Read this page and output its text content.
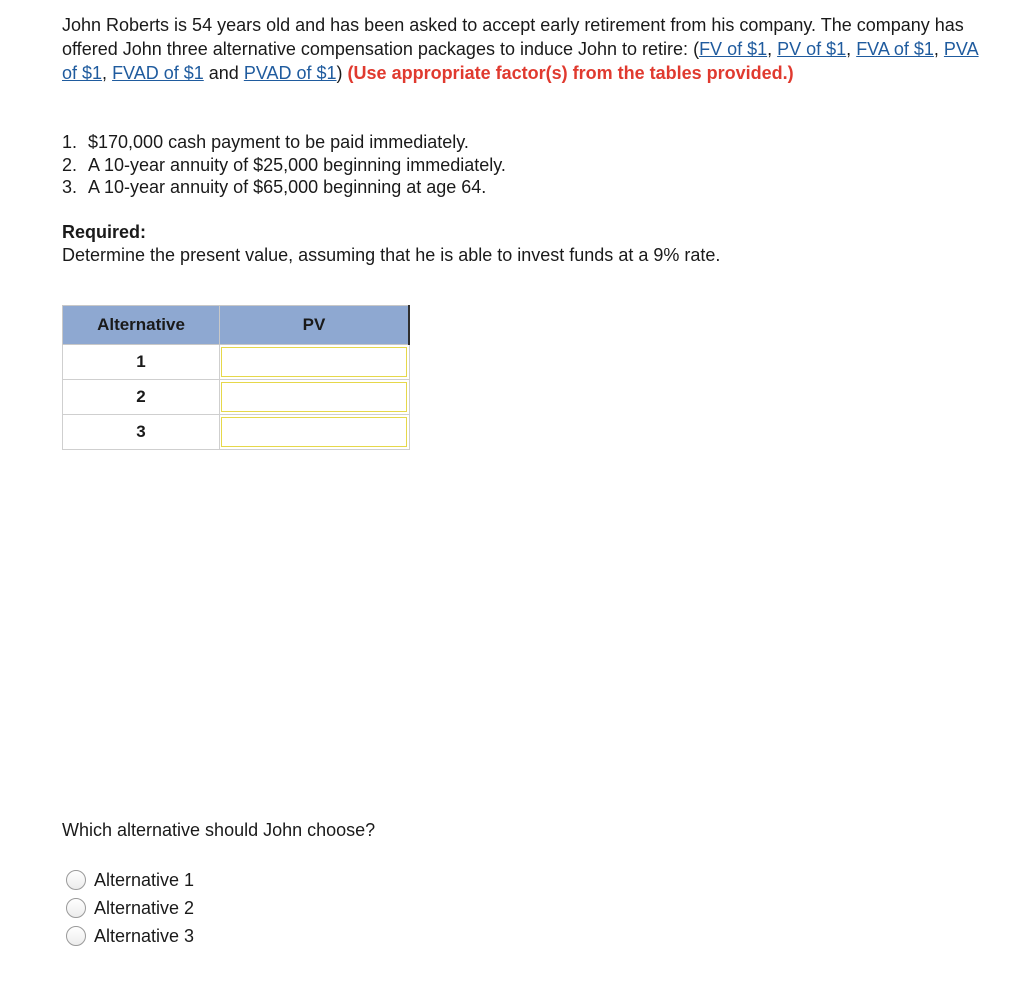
John Roberts is 54 years old and has been asked to accept early retirement from his company. The company has offered John three alternative compensation packages to induce John to retire: (FV of $1, PV of $1, FVA of $1, PVA of $1, FVAD of $1 and PVAD of $1) (Use appropriate factor(s) from the tables provided.)

1. $170,000 cash payment to be paid immediately.
2. A 10-year annuity of $25,000 beginning immediately.
3. A 10-year annuity of $65,000 beginning at age 64.
Required:
Determine the present value, assuming that he is able to invest funds at a 9% rate.
Alternative	PV
1	
2	
3	
Which alternative should John choose?
Alternative 1
Alternative 2
Alternative 3
